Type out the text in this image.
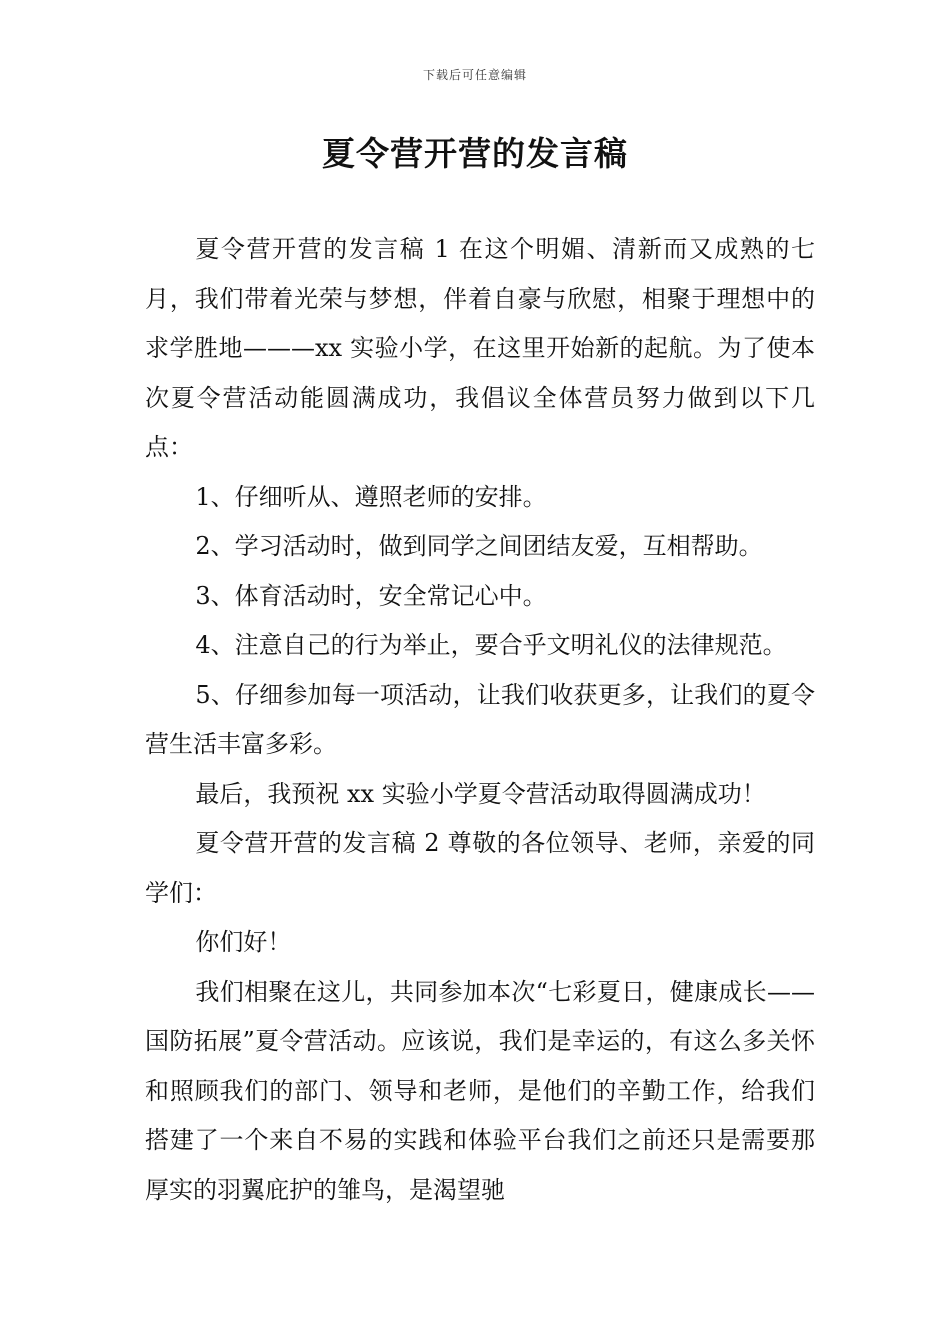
下载后可任意编辑
夏令营开营的发言稿

夏令营开营的发言稿 1 在这个明媚、清新而又成熟的七月，我们带着光荣与梦想，伴着自豪与欣慰，相聚于理想中的求学胜地———xx 实验小学，在这里开始新的起航。为了使本次夏令营活动能圆满成功，我倡议全体营员努力做到以下几点：

1、仔细听从、遵照老师的安排。

2、学习活动时，做到同学之间团结友爱，互相帮助。

3、体育活动时，安全常记心中。

4、注意自己的行为举止，要合乎文明礼仪的法律规范。

5、仔细参加每一项活动，让我们收获更多，让我们的夏令营生活丰富多彩。

最后，我预祝 xx 实验小学夏令营活动取得圆满成功！

夏令营开营的发言稿 2 尊敬的各位领导、老师，亲爱的同学们：

你们好！

我们相聚在这儿，共同参加本次“七彩夏日，健康成长——国防拓展”夏令营活动。应该说，我们是幸运的，有这么多关怀和照顾我们的部门、领导和老师，是他们的辛勤工作，给我们搭建了一个来自不易的实践和体验平台我们之前还只是需要那厚实的羽翼庇护的雏鸟，是渴望驰
